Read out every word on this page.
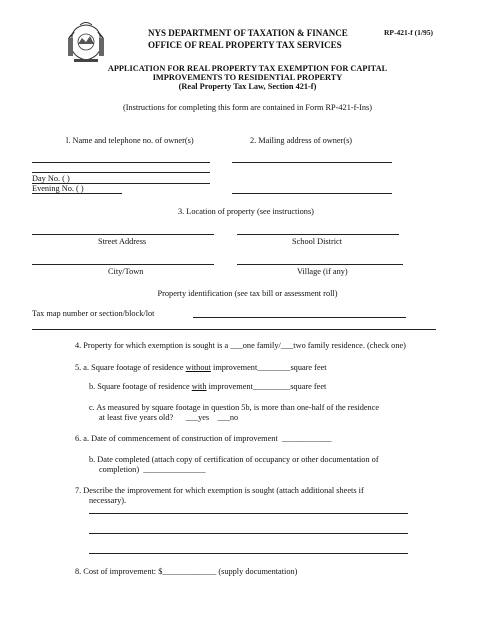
NYS DEPARTMENT OF TAXATION & FINANCE
OFFICE OF REAL PROPERTY TAX SERVICES
RP-421-f (1/95)
APPLICATION FOR REAL PROPERTY TAX EXEMPTION FOR CAPITAL
IMPROVEMENTS TO RESIDENTIAL PROPERTY
(Real Property Tax Law, Section 421-f)
(Instructions for completing this form are contained in Form RP-421-f-Ins)
l. Name and telephone no. of owner(s)	2. Mailing address of owner(s)
Day No. ( )
Evening No. ( )
3. Location of property (see instructions)
Street Address	School District
City/Town	Village (if any)
Property identification (see tax bill or assessment roll)
Tax map number or section/block/lot
4. Property for which exemption is sought is a ___one family/___two family residence. (check one)
5. a. Square footage of residence without improvement________square feet
b. Square footage of residence with improvement_________square feet
c. As measured by square footage in question 5b, is more than one-half of the residence
at least five years old? ___yes ___no
6. a. Date of commencement of construction of improvement ____________
b. Date completed (attach copy of certification of occupancy or other documentation of
completion) _______________
7. Describe the improvement for which exemption is sought (attach additional sheets if
necessary).
8. Cost of improvement: $_____________ (supply documentation)
